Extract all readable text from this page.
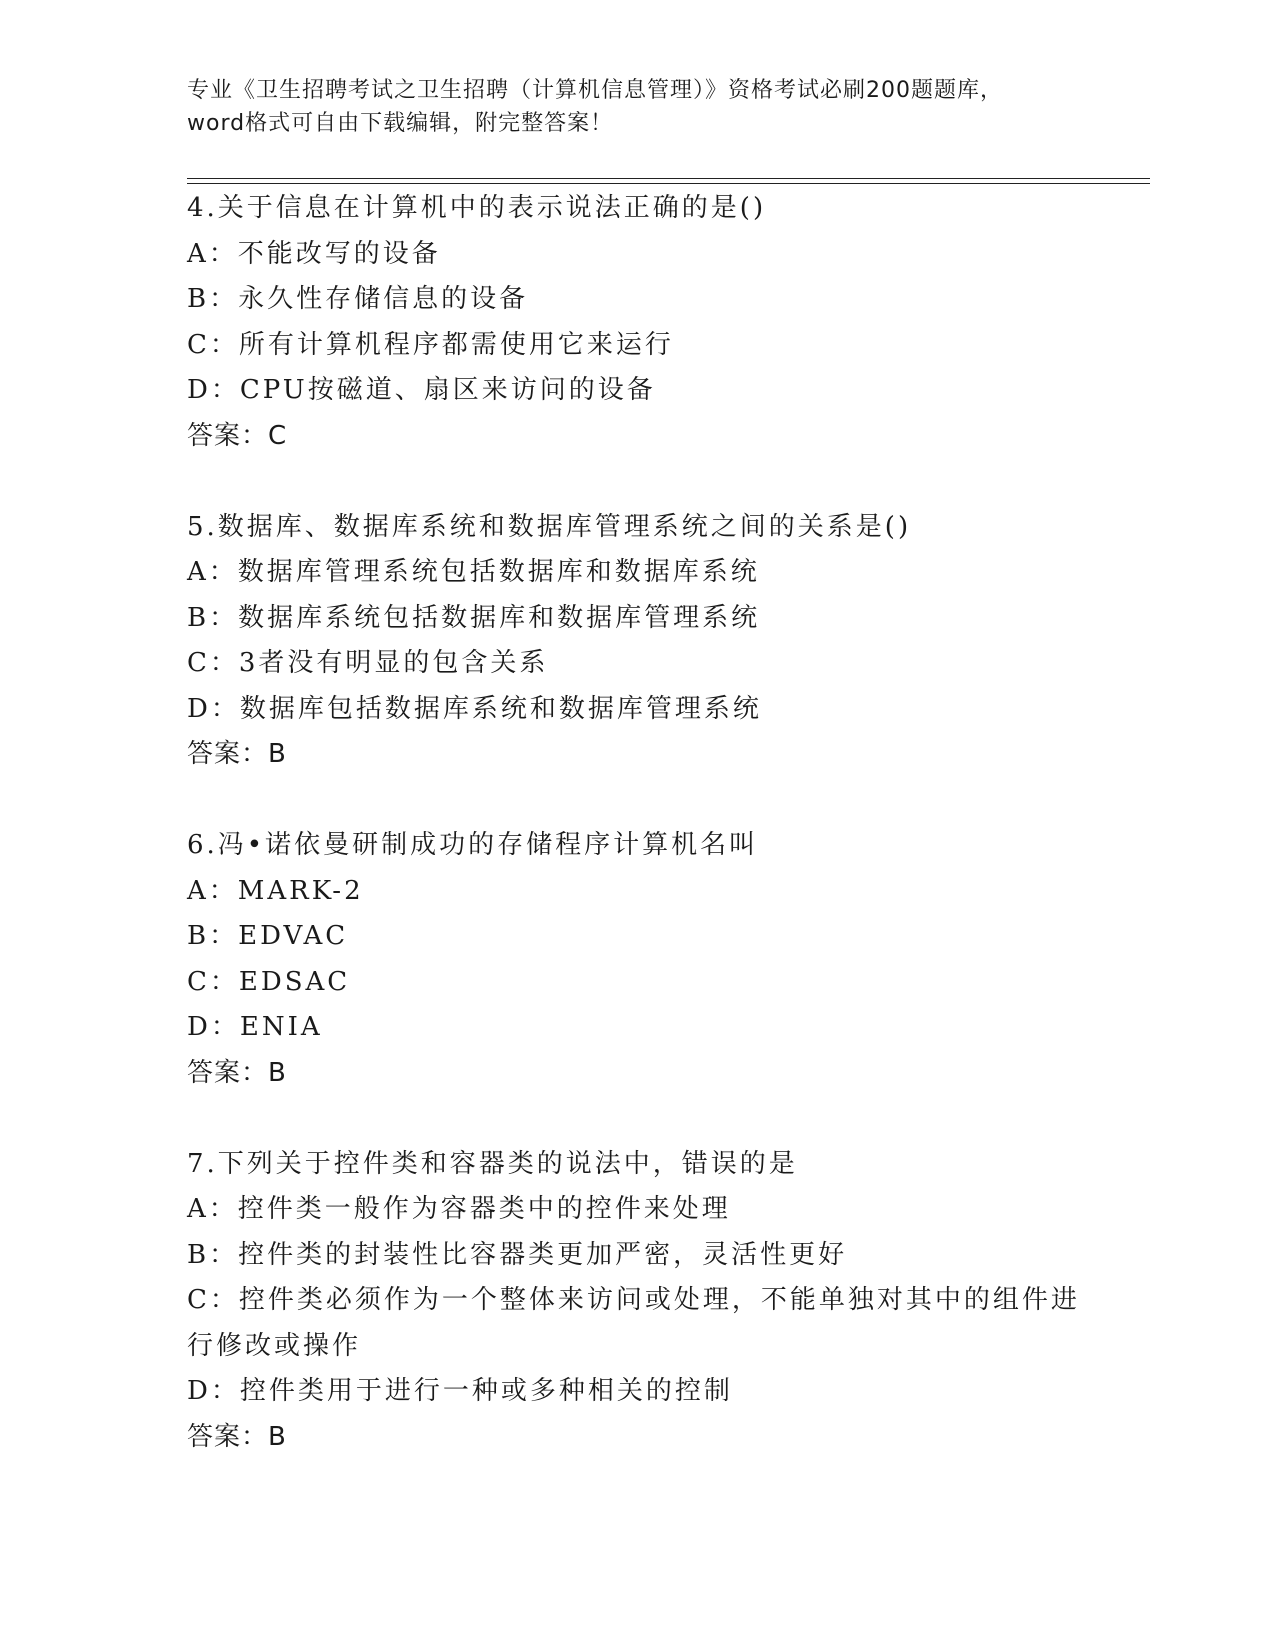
专业《卫生招聘考试之卫生招聘（计算机信息管理）》资格考试必刷200题题库，
word格式可自由下载编辑，附完整答案！
4.关于信息在计算机中的表示说法正确的是()
A：不能改写的设备
B：永久性存储信息的设备
C：所有计算机程序都需使用它来运行
D：CPU按磁道、扇区来访问的设备
答案：C
5.数据库、数据库系统和数据库管理系统之间的关系是()
A：数据库管理系统包括数据库和数据库系统
B：数据库系统包括数据库和数据库管理系统
C：3者没有明显的包含关系
D：数据库包括数据库系统和数据库管理系统
答案：B
6.冯•诺依曼研制成功的存储程序计算机名叫
A：MARK-2
B：EDVAC
C：EDSAC
D：ENIA
答案：B
7.下列关于控件类和容器类的说法中，错误的是
A：控件类一般作为容器类中的控件来处理
B：控件类的封装性比容器类更加严密，灵活性更好
C：控件类必须作为一个整体来访问或处理，不能单独对其中的组件进行修改或操作
D：控件类用于进行一种或多种相关的控制
答案：B
